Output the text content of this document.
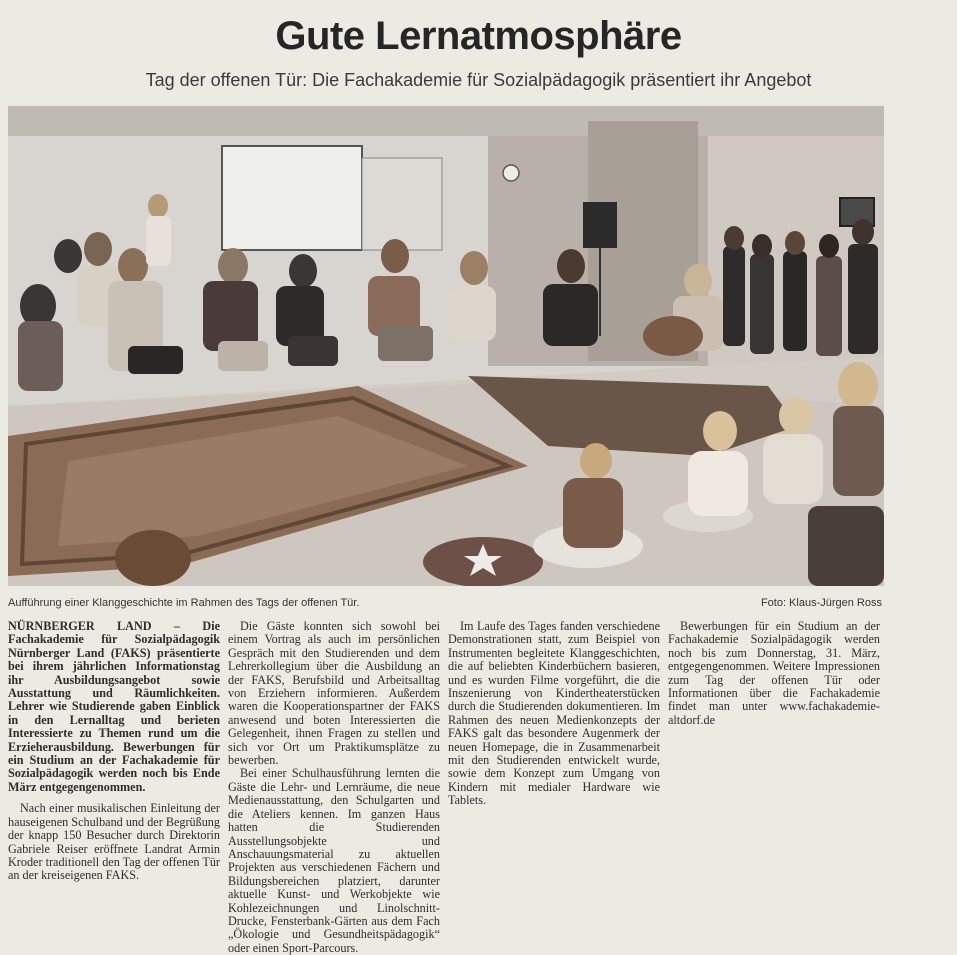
Gute Lernatmosphäre
Tag der offenen Tür: Die Fachakademie für Sozialpädagogik präsentiert ihr Angebot
Aufführung einer Klanggeschichte im Rahmen des Tags der offenen Tür.	Foto: Klaus-Jürgen Ross

NÜRNBERGER LAND – Die Fachakademie für Sozialpädagogik Nürnberger Land (FAKS) präsentierte bei ihrem jährlichen Informationstag ihr Ausbildungsangebot sowie Ausstattung und Räumlichkeiten. Lehrer wie Studierende gaben Einblick in den Lernalltag und berieten Interessierte zu Themen rund um die Erzieherausbildung. Bewerbungen für ein Studium an der Fachakademie für Sozialpädagogik werden noch bis Ende März entgegengenommen.

Nach einer musikalischen Einleitung der hauseigenen Schulband und der Begrüßung der knapp 150 Besucher durch Direktorin Gabriele Reiser eröffnete Landrat Armin Kroder traditionell den Tag der offenen Tür an der kreiseigenen FAKS.

Die Gäste konnten sich sowohl bei einem Vortrag als auch im persönlichen Gespräch mit den Studierenden und dem Lehrerkollegium über die Ausbildung an der FAKS, Berufsbild und Arbeitsalltag von Erziehern informieren. Außerdem waren die Kooperationspartner der FAKS anwesend und boten Interessierten die Gelegenheit, ihnen Fragen zu stellen und sich vor Ort um Praktikumsplätze zu bewerben.

Bei einer Schulhausführung lernten die Gäste die Lehr- und Lernräume, die neue Medienausstattung, den Schulgarten und die Ateliers kennen. Im ganzen Haus hatten die Studierenden Ausstellungsobjekte und Anschauungsmaterial zu aktuellen Projekten aus verschiedenen Fächern und Bildungsbereichen platziert, darunter aktuelle Kunst- und Werkobjekte wie Kohlezeichnungen und Linolschnitt-Drucke, Fensterbank-Gärten aus dem Fach „Ökologie und Gesundheitspädagogik“ oder einen Sport-Parcours.

Im Laufe des Tages fanden verschiedene Demonstrationen statt, zum Beispiel von Instrumenten begleitete Klanggeschichten, die auf beliebten Kinderbüchern basieren, und es wurden Filme vorgeführt, die die Inszenierung von Kindertheaterstücken durch die Studierenden dokumentieren. Im Rahmen des neuen Medienkonzepts der FAKS galt das besondere Augenmerk der neuen Homepage, die in Zusammenarbeit mit den Studierenden entwickelt wurde, sowie dem Konzept zum Umgang von Kindern mit medialer Hardware wie Tablets.

Bewerbungen für ein Studium an der Fachakademie Sozialpädagogik werden noch bis zum Donnerstag, 31. März, entgegengenommen. Weitere Impressionen zum Tag der offenen Tür oder Informationen über die Fachakademie findet man unter www.fachakademie-altdorf.de
